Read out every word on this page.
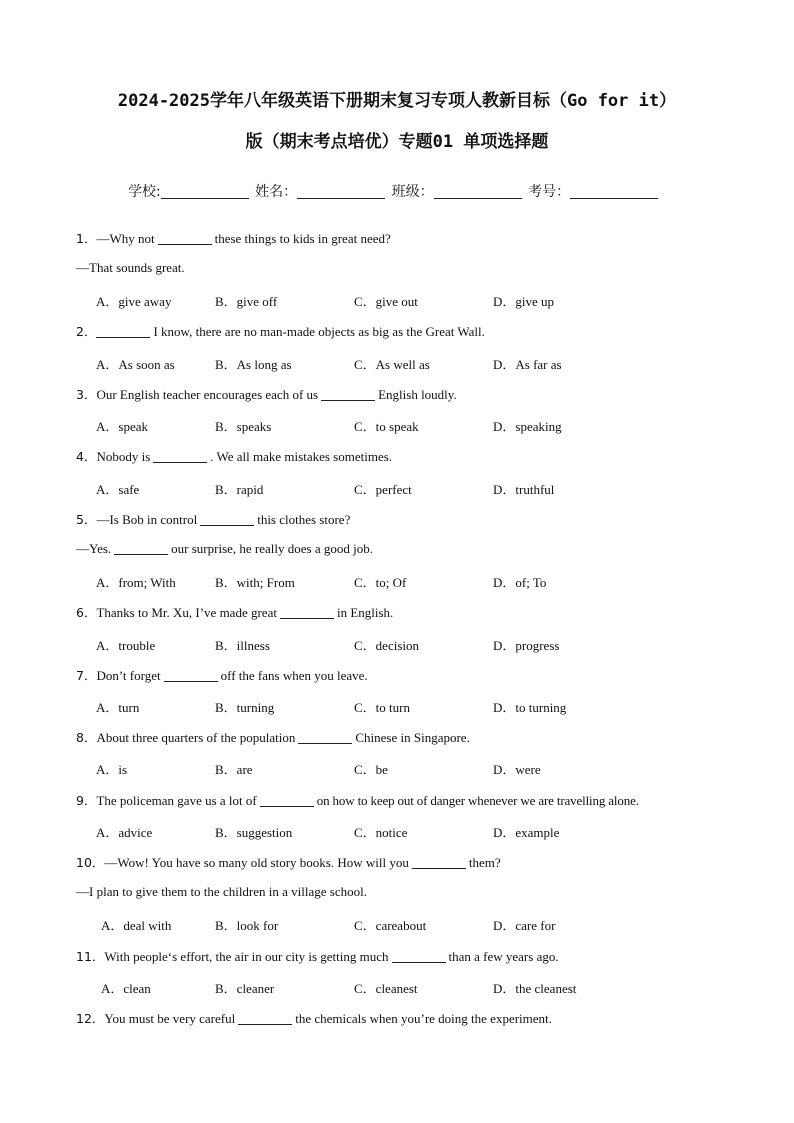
2024-2025学年八年级英语下册期末复习专项人教新目标（Go for it）
版（期末考点培优）专题01 单项选择题
学校:	姓名：	班级：	考号：
1．—Why not	these things to kids in great need?
—That sounds great.
A．give away	B．give off	C．give out	D．give up
2．	I know, there are no man-made objects as big as the Great Wall.
A．As soon as	B．As long as	C．As well as	D．As far as
3．Our English teacher encourages each of us	English loudly.
A．speak	B．speaks	C．to speak	D．speaking
4．Nobody is	. We all make mistakes sometimes.
A．safe	B．rapid	C．perfect	D．truthful
5．—Is Bob in control	this clothes store?
—Yes.	our surprise, he really does a good job.
A．from; With	B．with; From	C．to; Of	D．of; To
6．Thanks to Mr. Xu, I’ve made great	in English.
A．trouble	B．illness	C．decision	D．progress
7．Don’t forget	off the fans when you leave.
A．turn	B．turning	C．to turn	D．to turning
8．About three quarters of the population	Chinese in Singapore.
A．is	B．are	C．be	D．were
9．The policeman gave us a lot of	on how to keep out of danger whenever we are travelling alone.
A．advice	B．suggestion	C．notice	D．example
10．—Wow! You have so many old story books. How will you	them?
—I plan to give them to the children in a village school.
A．deal with	B．look for	C．careabout	D．care for
11．With people‘s effort, the air in our city is getting much	than a few years ago.
A．clean	B．cleaner	C．cleanest	D．the cleanest
12．You must be very careful	the chemicals when you’re doing the experiment.
